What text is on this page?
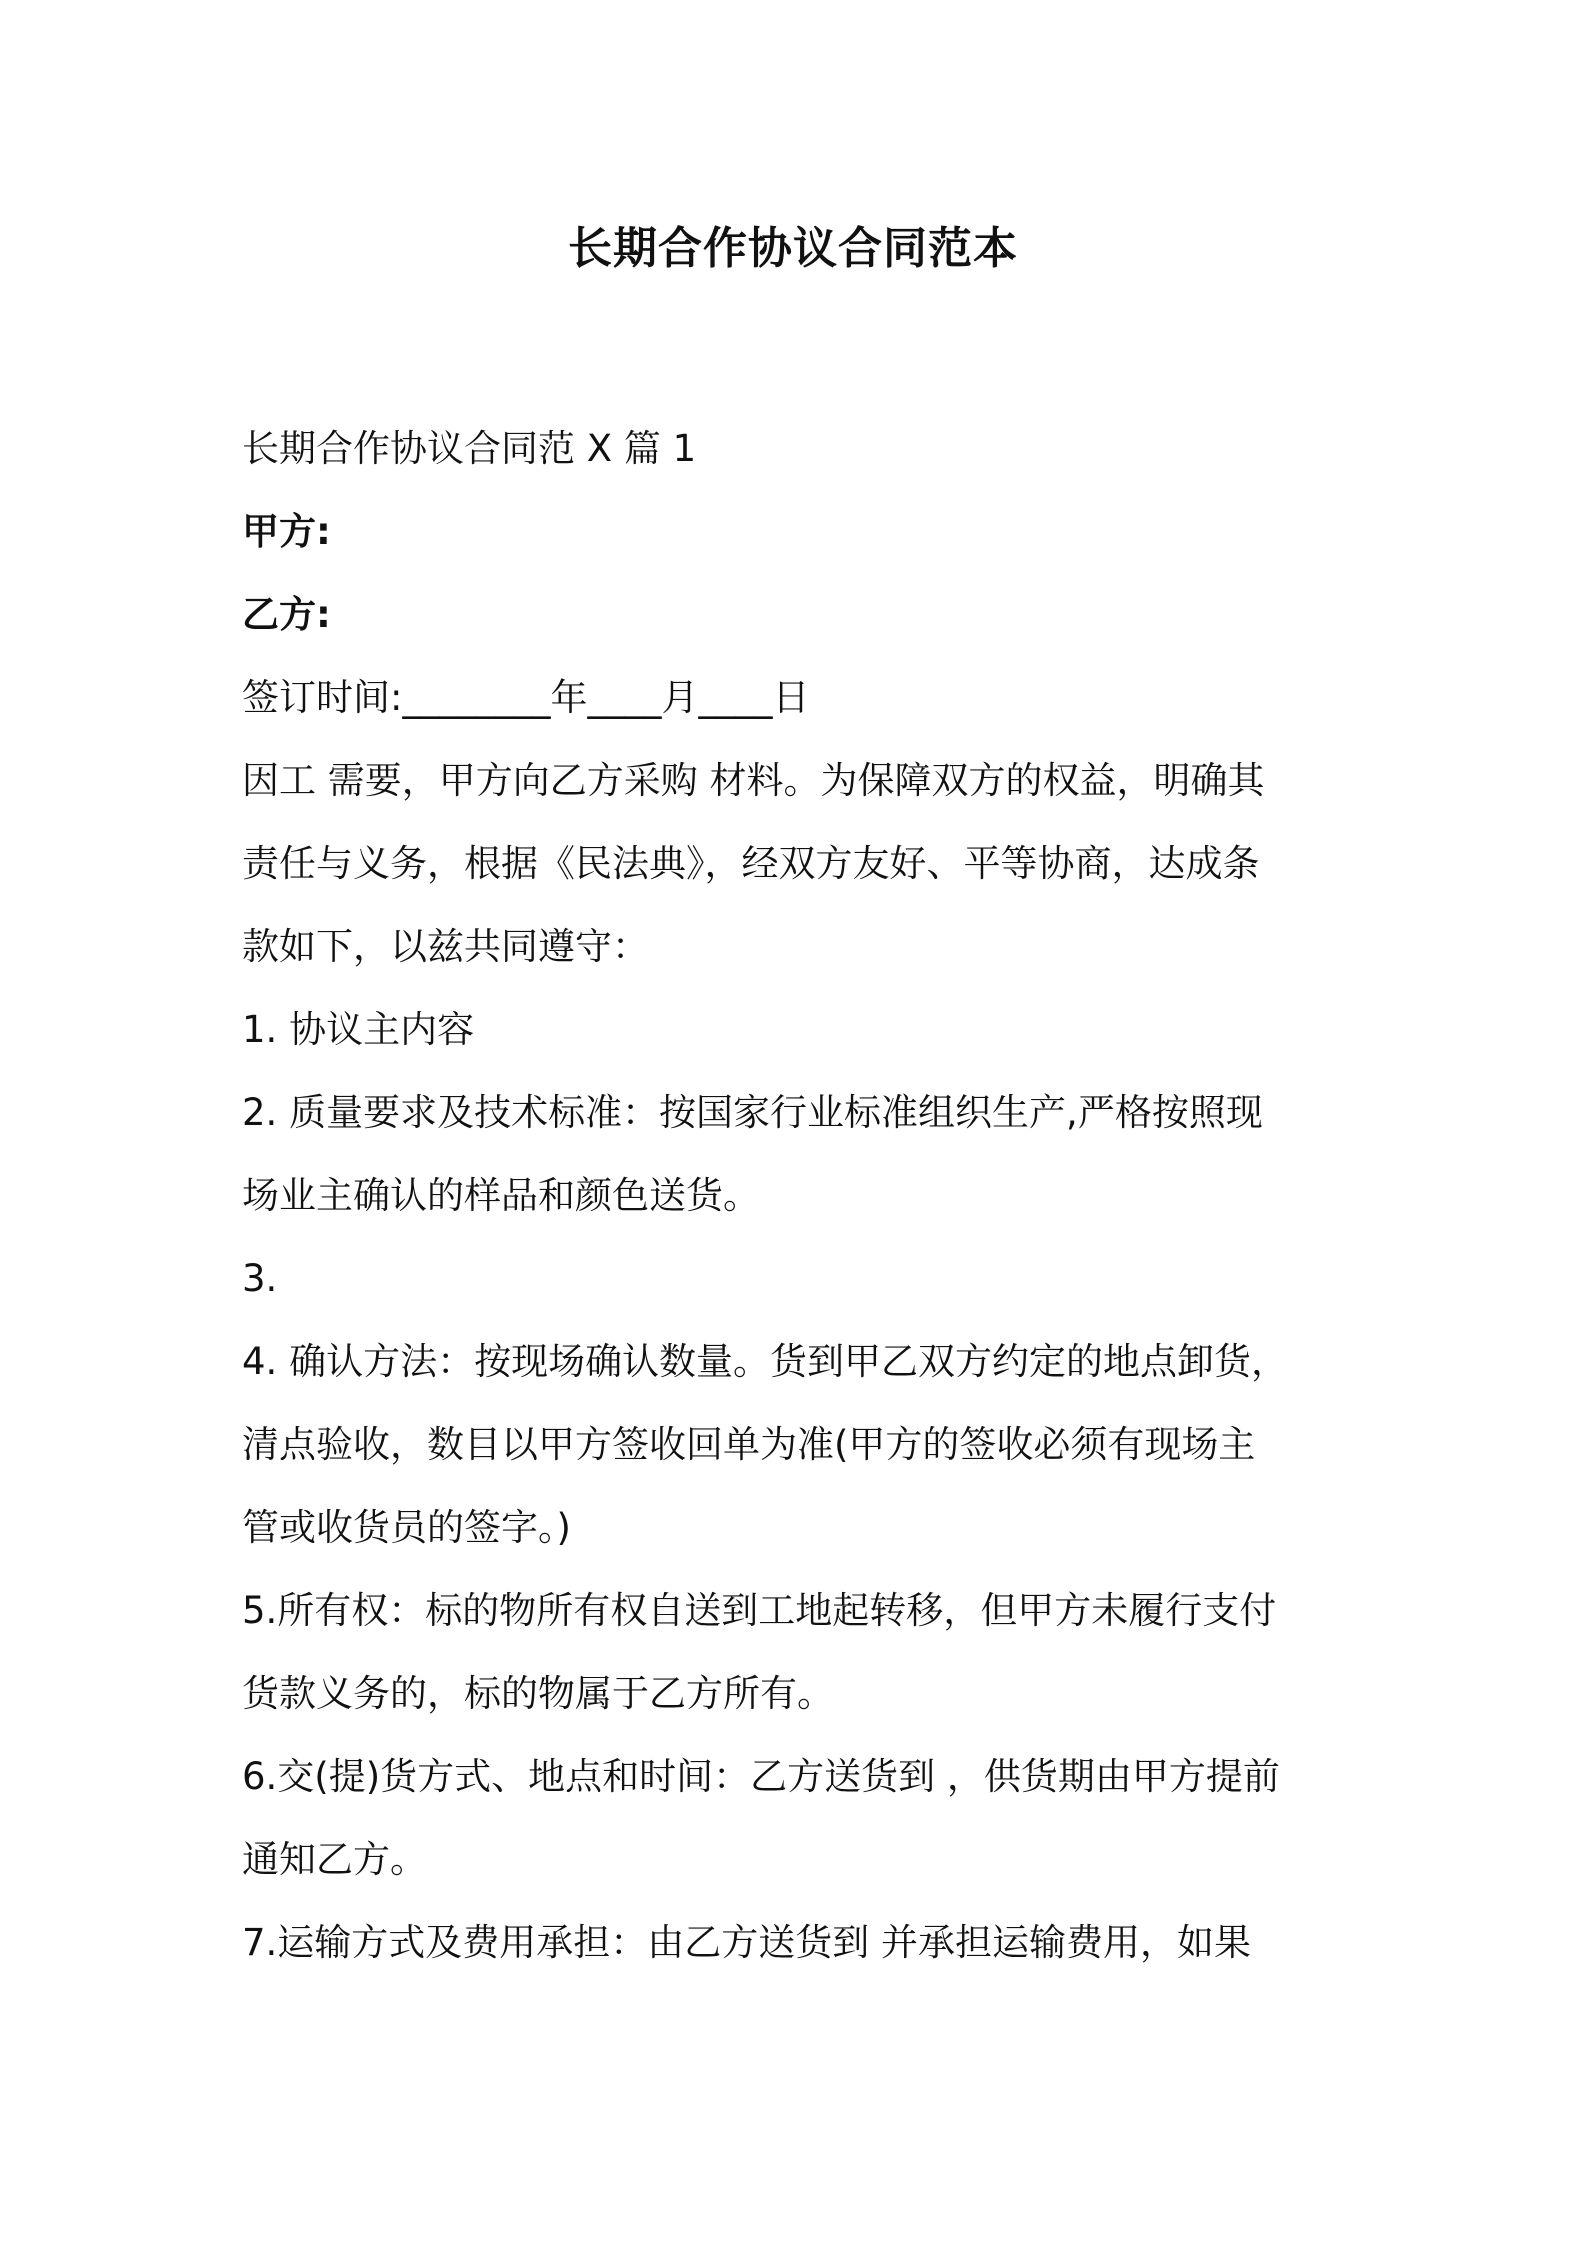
长期合作协议合同范本

长期合作协议合同范 X 篇 1

甲方:

乙方:

签订时间:________年____月____日

因工 需要，甲方向乙方采购 材料。为保障双方的权益，明确其

责任与义务，根据《民法典》，经双方友好、平等协商，达成条

款如下，以兹共同遵守：

1. 协议主内容

2. 质量要求及技术标准：按国家行业标准组织生产,严格按照现

场业主确认的样品和颜色送货。

3.

4. 确认方法：按现场确认数量。货到甲乙双方约定的地点卸货，

清点验收，数目以甲方签收回单为准(甲方的签收必须有现场主

管或收货员的签字。)

5.所有权：标的物所有权自送到工地起转移，但甲方未履行支付

货款义务的，标的物属于乙方所有。

6.交(提)货方式、地点和时间：乙方送货到 ，供货期由甲方提前

通知乙方。

7.运输方式及费用承担：由乙方送货到 并承担运输费用，如果
